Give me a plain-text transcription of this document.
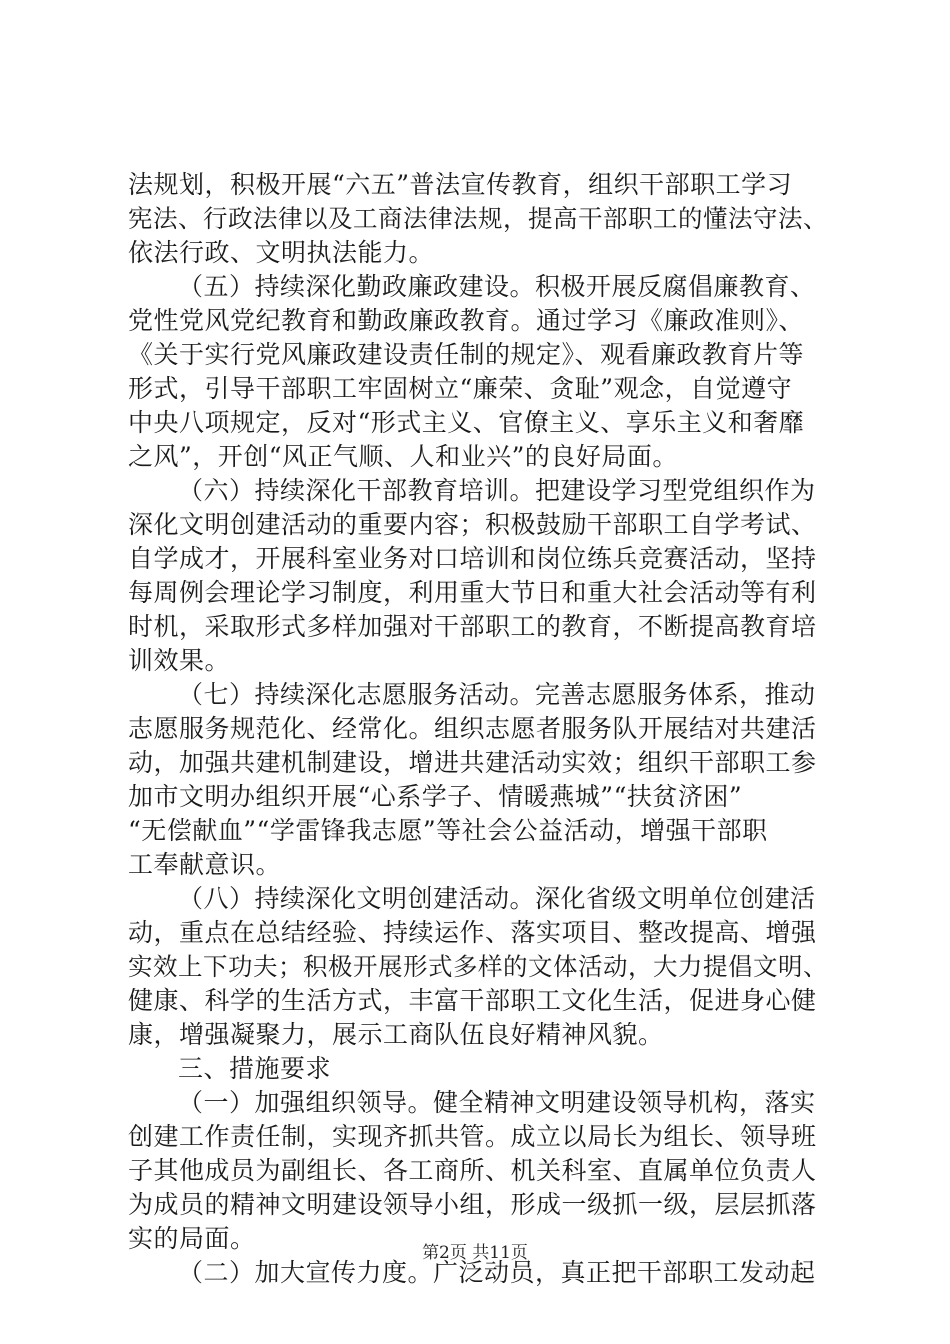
法规划，积极开展“六五”普法宣传教育，组织干部职工学习
宪法、行政法律以及工商法律法规，提高干部职工的懂法守法、
依法行政、文明执法能力。
（五）持续深化勤政廉政建设。积极开展反腐倡廉教育、
党性党风党纪教育和勤政廉政教育。通过学习《廉政准则》、
《关于实行党风廉政建设责任制的规定》、观看廉政教育片等
形式，引导干部职工牢固树立“廉荣、贪耻”观念，自觉遵守
中央八项规定，反对“形式主义、官僚主义、享乐主义和奢靡
之风”，开创“风正气顺、人和业兴”的良好局面。
（六）持续深化干部教育培训。把建设学习型党组织作为
深化文明创建活动的重要内容；积极鼓励干部职工自学考试、
自学成才，开展科室业务对口培训和岗位练兵竞赛活动，坚持
每周例会理论学习制度，利用重大节日和重大社会活动等有利
时机，采取形式多样加强对干部职工的教育，不断提高教育培
训效果。
（七）持续深化志愿服务活动。完善志愿服务体系，推动
志愿服务规范化、经常化。组织志愿者服务队开展结对共建活
动，加强共建机制建设，增进共建活动实效；组织干部职工参
加市文明办组织开展“心系学子、情暖燕城”“扶贫济困”
“无偿献血”“学雷锋我志愿”等社会公益活动，增强干部职
工奉献意识。
（八）持续深化文明创建活动。深化省级文明单位创建活
动，重点在总结经验、持续运作、落实项目、整改提高、增强
实效上下功夫；积极开展形式多样的文体活动，大力提倡文明、
健康、科学的生活方式，丰富干部职工文化生活，促进身心健
康，增强凝聚力，展示工商队伍良好精神风貌。
三、措施要求
（一）加强组织领导。健全精神文明建设领导机构，落实
创建工作责任制，实现齐抓共管。成立以局长为组长、领导班
子其他成员为副组长、各工商所、机关科室、直属单位负责人
为成员的精神文明建设领导小组，形成一级抓一级，层层抓落
实的局面。
（二）加大宣传力度。广泛动员，真正把干部职工发动起
第2页 共11页
